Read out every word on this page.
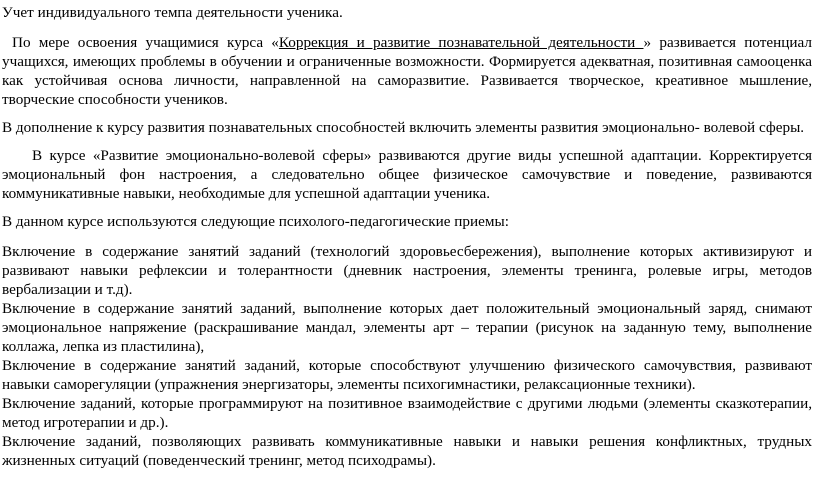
Учет индивидуального темпа деятельности ученика.

По мере освоения учащимися курса «Коррекция и развитие познавательной деятельности » развивается потенциал учащихся, имеющих проблемы в обучении и ограниченные возможности. Формируется адекватная, позитивная самооценка как устойчивая основа личности, направленной на саморазвитие. Развивается творческое, креативное мышление, творческие способности учеников.

В дополнение к курсу развития познавательных способностей включить элементы развития эмоционально- волевой сферы.

В курсе «Развитие эмоционально-волевой сферы» развиваются другие виды успешной адаптации. Корректируется эмоциональный фон настроения, а следовательно общее физическое самочувствие и поведение, развиваются коммуникативные навыки, необходимые для успешной адаптации ученика.

В данном курсе используются следующие психолого-педагогические приемы:

Включение в содержание занятий заданий (технологий здоровьесбережения), выполнение которых активизируют и развивают навыки рефлексии и толерантности (дневник настроения, элементы тренинга, ролевые игры, методов вербализации и т.д).

Включение в содержание занятий заданий, выполнение которых дает положительный эмоциональный заряд, снимают эмоциональное напряжение (раскрашивание мандал, элементы арт – терапии (рисунок на заданную тему, выполнение коллажа, лепка из пластилина),

Включение в содержание занятий заданий, которые способствуют улучшению физического самочувствия, развивают навыки саморегуляции (упражнения энергизаторы, элементы психогимнастики, релаксационные техники).

Включение заданий, которые программируют на позитивное взаимодействие с другими людьми (элементы сказкотерапии, метод игротерапии и др.).

Включение заданий, позволяющих развивать коммуникативные навыки и навыки решения конфликтных, трудных жизненных ситуаций (поведенческий тренинг, метод психодрамы).
